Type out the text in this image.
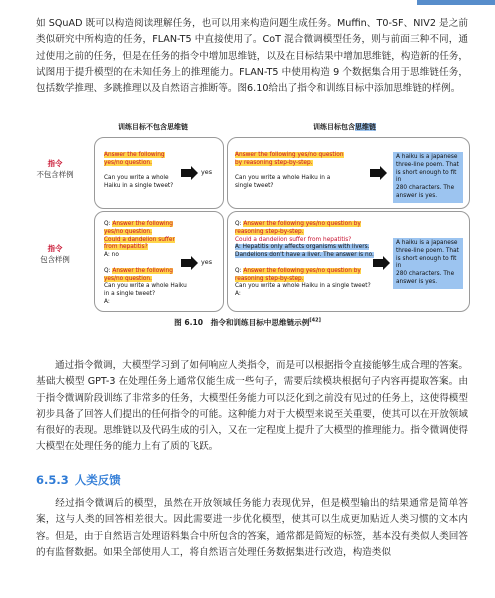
如 SQuAD 既可以构造阅读理解任务，也可以用来构造问题生成任务。Muffin、T0-SF、NIV2 是之前类似研究中所构造的任务，FLAN-T5 中直接使用了。CoT 混合微调模型任务，则与前面三种不同，通过使用之前的任务，但是在任务的指令中增加思维链，以及在目标结果中增加思维链，构造新的任务，试图用于提升模型的在未知任务上的推理能力。FLAN-T5 中使用构造 9 个数据集合用于思维链任务，包括数学推理、多跳推理以及自然语言推断等。图6.10给出了指令和训练目标中添加思维链的样例。

训练目标不包含思维链	训练目标包含思维链
指令
不包含样例
指令
包含样例
Answer the following
yes/no question.

Can you write a whole
Haiku in a single tweet?
yes
Answer the following yes/no question
by reasoning step-by-step.

Can you write a whole Haiku in a
single tweet?
A haiku is a japanese
three-line poem. That
is short enough to fit in
280 characters. The
answer is yes.
Q: Answer the following
yes/no question.
Could a dandelion suffer
from hepatitis?
A: no

Q: Answer the following
yes/no question.
Can you write a whole Haiku
in a single tweet?
A:
yes
Q: Answer the following yes/no question by
reasoning step-by-step.
Could a dandelion suffer from hepatitis?
A: Hepatitis only affects organisms with livers.
Dandelions don't have a liver. The answer is no.

Q: Answer the following yes/no question by
reasoning step-by-step.
Can you write a whole Haiku in a single tweet?
A:
A haiku is a japanese
three-line poem. That
is short enough to fit in
280 characters. The
answer is yes.
图 6.10　指令和训练目标中思维链示例[42]

通过指令微调，大模型学习到了如何响应人类指令，而是可以根据指令直接能够生成合理的答案。基础大模型 GPT-3 在处理任务上通常仅能生成一些句子，需要后续模块根据句子内容再提取答案。由于指令微调阶段训练了非常多的任务，大模型任务能力可以泛化到之前没有见过的任务上，这使得模型初步具备了回答人们提出的任何指令的可能。这种能力对于大模型来说至关重要，使其可以在开放领域有很好的表现。思维链以及代码生成的引入，又在一定程度上提升了大模型的推理能力。指令微调使得大模型在处理任务的能力上有了质的飞跃。

6.5.3 人类反馈

经过指令微调后的模型，虽然在开放领域任务能力表现优异，但是模型输出的结果通常是简单答案，这与人类的回答相差很大。因此需要进一步优化模型，使其可以生成更加贴近人类习惯的文本内容。但是，由于自然语言处理语料集合中所包含的答案，通常都是简短的标签，基本没有类似人类回答的有监督数据。如果全部使用人工，将自然语言处理任务数据集进行改造，构造类似
